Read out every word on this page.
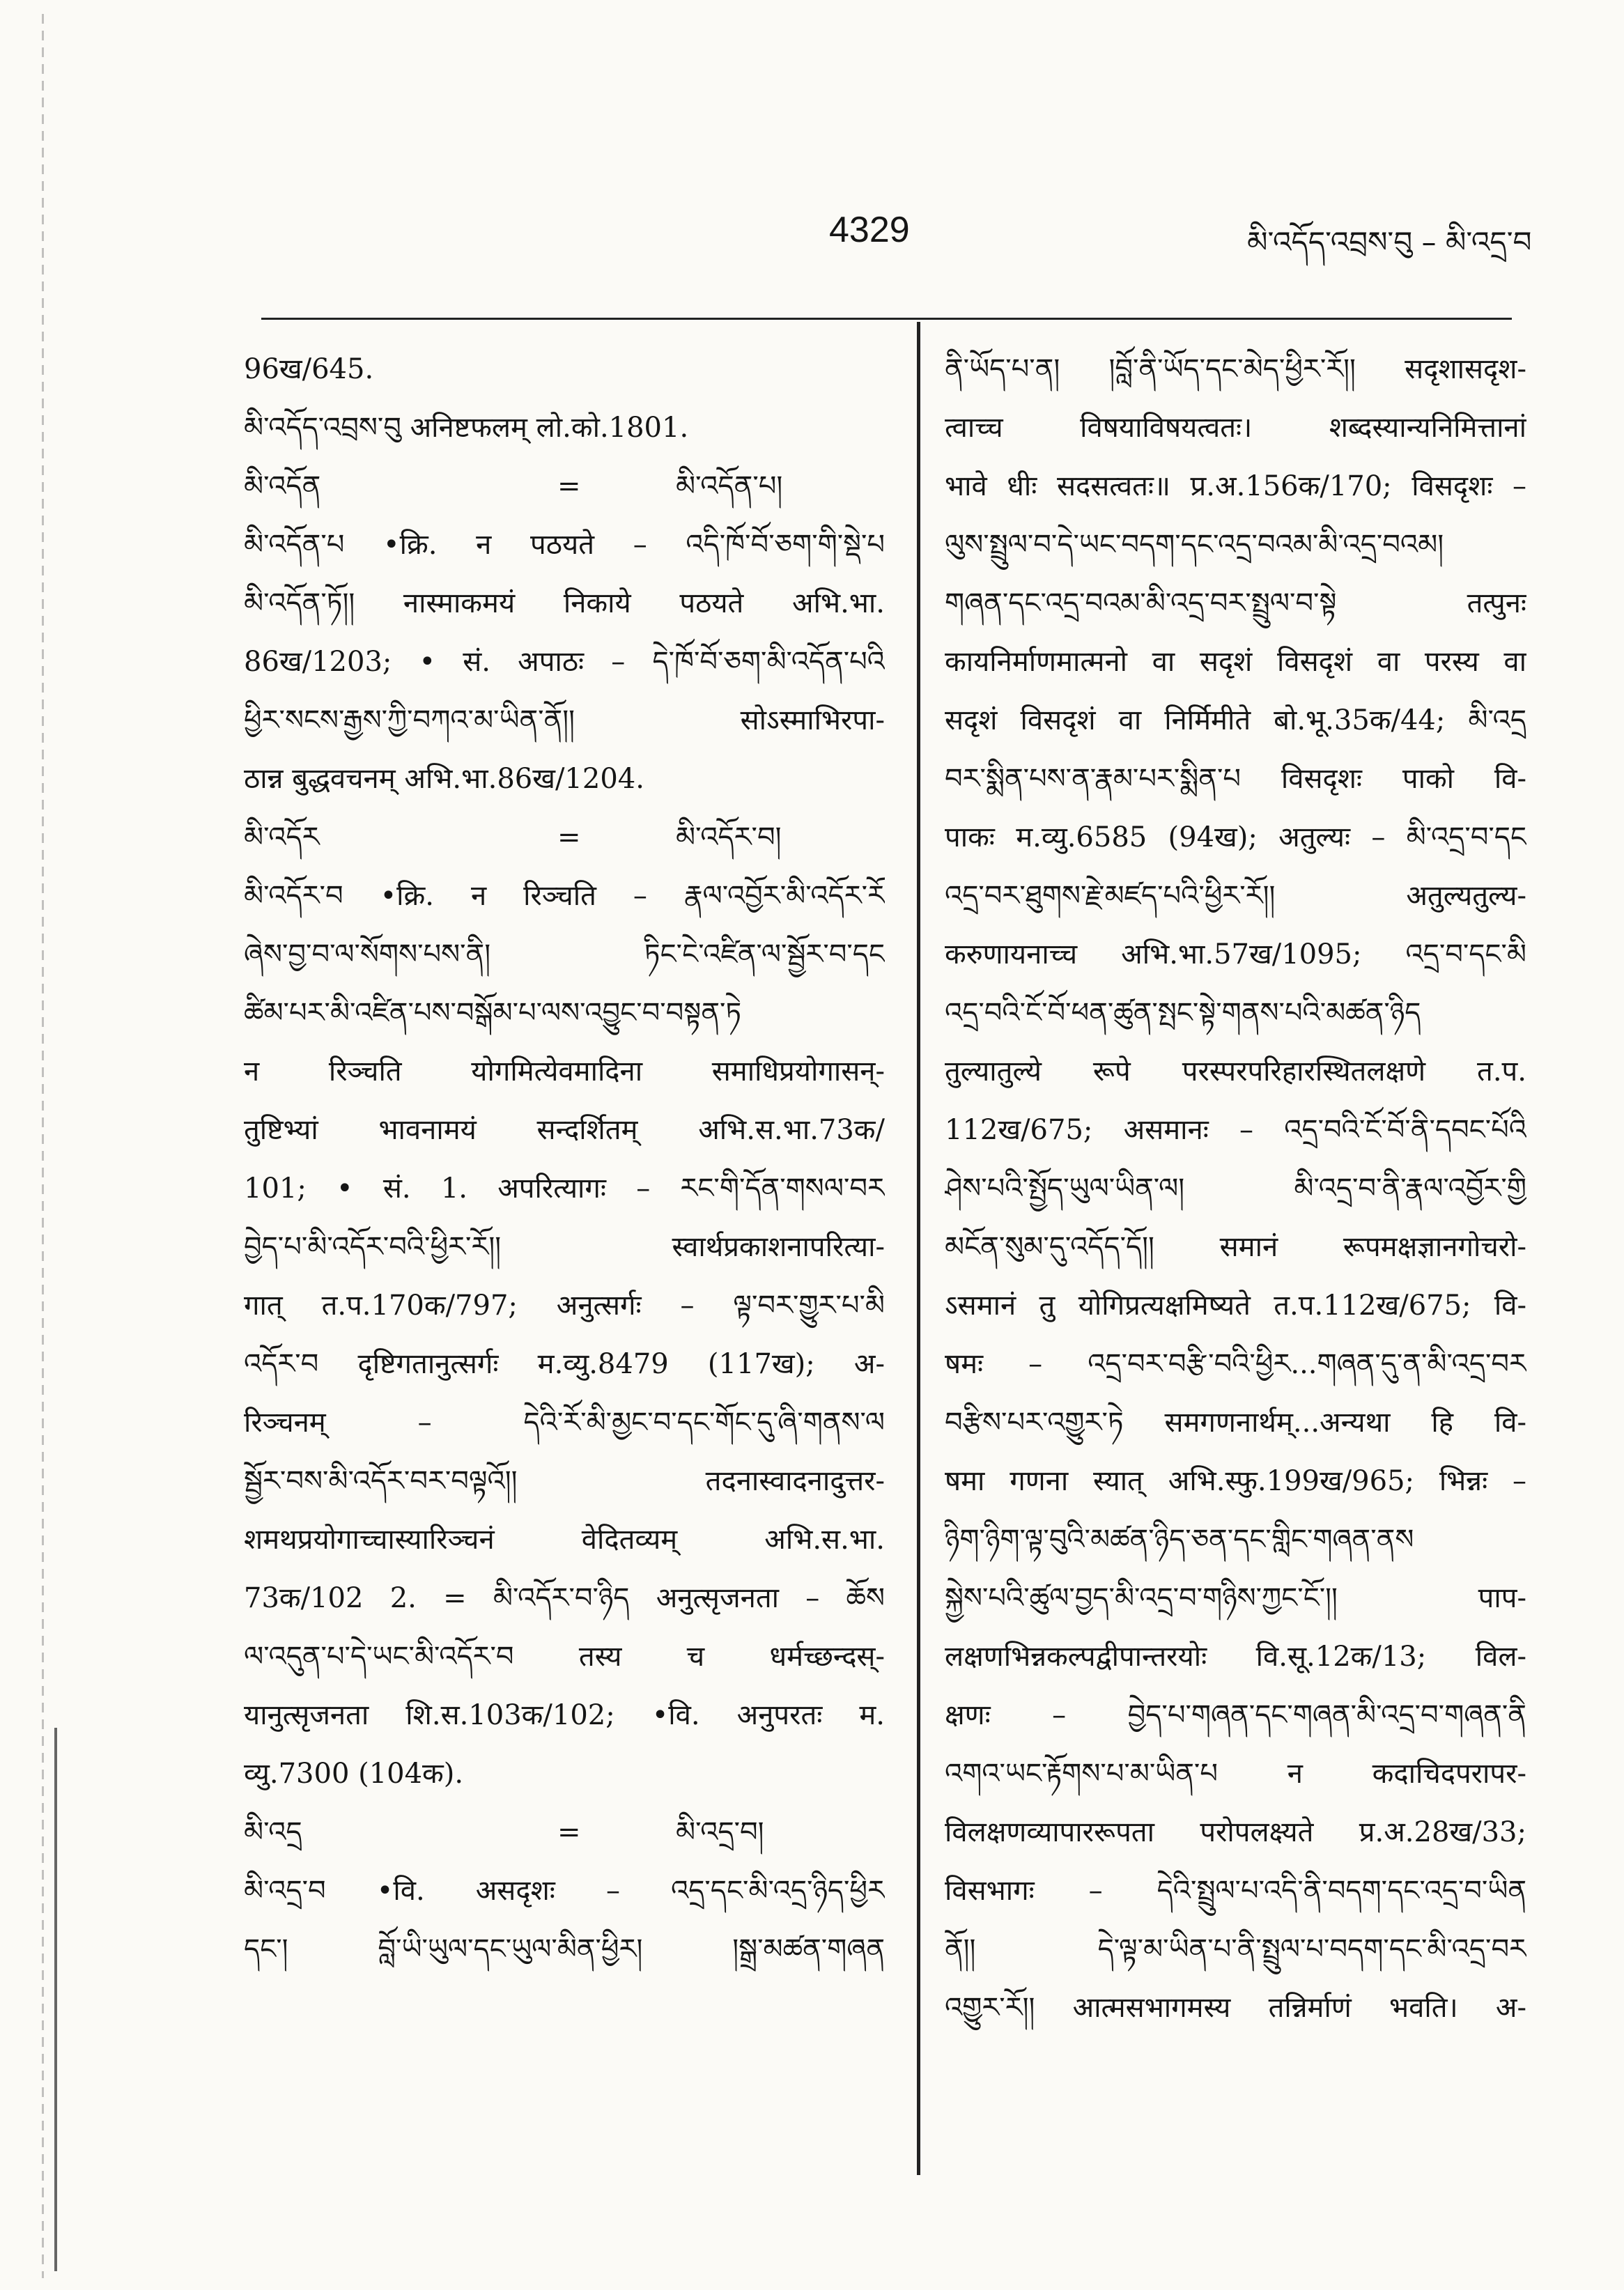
4329	མི་འདོད་འབྲས་བུ – མི་འདྲ་བ
96ख/645.
མི་འདོད་འབྲས་བུ अनिष्टफलम् लो.को.1801.
མི་འདོན	=	མི་འདོན་པ།
མི་འདོན་པ •क्रि. न पठयते – འདི་ཁོ་བོ་ཅག་གི་སྡེ་པ
མི་འདོན་ཏོ།། नास्माकमयं निकाये पठयते अभि.भा.
86ख/1203; • सं. अपाठः – དེ་ཁོ་བོ་ཅག་མི་འདོན་པའི
ཕྱིར་སངས་རྒྱས་ཀྱི་བཀའ་མ་ཡིན་ནོ།། सोऽस्माभिरपा-
ठान्न बुद्धवचनम् अभि.भा.86ख/1204.
མི་འདོར	=	མི་འདོར་བ།
མི་འདོར་བ •क्रि. न रिञ्चति – རྣལ་འབྱོར་མི་འདོར་རོ
ཞེས་བྱ་བ་ལ་སོགས་པས་ནི། ཏིང་ངེ་འཛིན་ལ་སྦྱོར་བ་དང
ཚིམ་པར་མི་འཛིན་པས་བསྒོམ་པ་ལས་འབྱུང་བ་བསྟན་ཏེ
न रिञ्चति योगमित्येवमादिना समाधिप्रयोगासन्-
तुष्टिभ्यां भावनामयं सन्दर्शितम् अभि.स.भा.73क/
101; • सं. 1. अपरित्यागः – རང་གི་དོན་གསལ་བར
བྱེད་པ་མི་འདོར་བའི་ཕྱིར་རོ།། स्वार्थप्रकाशनापरित्या-
गात् त.प.170क/797; अनुत्सर्गः – ལྟ་བར་གྱུར་པ་མི
འདོར་བ दृष्टिगतानुत्सर्गः म.व्यु.8479 (117ख); अ-
रिञ्चनम् – དེའི་རོ་མི་མྱང་བ་དང་གོང་དུ་ཞི་གནས་ལ
སྦྱོར་བས་མི་འདོར་བར་བལྟའོ།། तदनास्वादनादुत्तर-
शमथप्रयोगाच्चास्यारिञ्चनं वेदितव्यम् अभि.स.भा.
73क/102 2. = མི་འདོར་བ་ཉིད अनुत्सृजनता – ཆོས
ལ་འདུན་པ་དེ་ཡང་མི་འདོར་བ तस्य च धर्मच्छन्दस्-
यानुत्सृजनता शि.स.103क/102; •वि. अनुपरतः म.
व्यु.7300 (104क).
མི་འདྲ	=	མི་འདྲ་བ།
མི་འདྲ་བ •वि. असदृशः – འདྲ་དང་མི་འདྲ་ཉིད་ཕྱིར
དང་། བློ་ཡི་ཡུལ་དང་ཡུལ་མིན་ཕྱིར། །སྒྲ་མཚན་གཞན
ནི་ཡོད་པ་ན། །བློ་ནི་ཡོད་དང་མེད་ཕྱིར་རོ།། सदृशासदृश-
त्वाच्च विषयाविषयत्वतः। शब्दस्यान्यनिमित्तानां
भावे धीः सदसत्वतः॥ प्र.अ.156क/170; विसदृशः –
ལུས་སྤྲུལ་བ་དེ་ཡང་བདག་དང་འདྲ་བའམ་མི་འདྲ་བའམ།
གཞན་དང་འདྲ་བའམ་མི་འདྲ་བར་སྤྲུལ་བ་སྟེ तत्पुनः
कायनिर्माणमात्मनो वा सदृशं विसदृशं वा परस्य वा
सदृशं विसदृशं वा निर्मिमीते बो.भू.35क/44; མི་འདྲ
བར་སྨིན་པས་ན་རྣམ་པར་སྨིན་པ विसदृशः पाको वि-
पाकः म.व्यु.6585 (94ख); अतुल्यः – མི་འདྲ་བ་དང
འདྲ་བར་ཐུགས་རྗེ་མཛད་པའི་ཕྱིར་རོ།། अतुल्यतुल्य-
करुणायनाच्च अभि.भा.57ख/1095; འདྲ་བ་དང་མི
འདྲ་བའི་ངོ་བོ་ཕན་ཚུན་སྤང་སྟེ་གནས་པའི་མཚན་ཉིད
तुल्यातुल्ये रूपे परस्परपरिहारस्थितलक्षणे त.प.
112ख/675; असमानः – འདྲ་བའི་ངོ་བོ་ནི་དབང་པོའི
ཤེས་པའི་སྤྱོད་ཡུལ་ཡིན་ལ། མི་འདྲ་བ་ནི་རྣལ་འབྱོར་གྱི
མངོན་སུམ་དུ་འདོད་དོ།། समानं रूपमक्षज्ञानगोचरो-
ऽसमानं तु योगिप्रत्यक्षमिष्यते त.प.112ख/675; वि-
षमः – འདྲ་བར་བརྩི་བའི་ཕྱིར...གཞན་དུ་ན་མི་འདྲ་བར
བརྩིས་པར་འགྱུར་ཏེ समगणनार्थम्...अन्यथा हि वि-
षमा गणना स्यात् अभि.स्फु.199ख/965; भिन्नः –
ཉིག་ཉིག་ལྟ་བུའི་མཚན་ཉིད་ཅན་དང་གླིང་གཞན་ནས
སྐྱེས་པའི་ཚུལ་བྱད་མི་འདྲ་བ་གཉིས་ཀྱང་ངོ་།། पाप-
लक्षणभिन्नकल्पद्वीपान्तरयोः वि.सू.12क/13; विल-
क्षणः – བྱེད་པ་གཞན་དང་གཞན་མི་འདྲ་བ་གཞན་ནི
འགའ་ཡང་རྟོགས་པ་མ་ཡིན་པ न कदाचिदपरापर-
विलक्षणव्यापाररूपता परोपलक्ष्यते प्र.अ.28ख/33;
विसभागः – དེའི་སྤྲུལ་པ་འདི་ནི་བདག་དང་འདྲ་བ་ཡིན
ནོ།། དེ་ལྟ་མ་ཡིན་པ་ནི་སྤྲུལ་པ་བདག་དང་མི་འདྲ་བར
འགྱུར་རོ།། आत्मसभागमस्य तन्निर्माणं भवति। अ-
